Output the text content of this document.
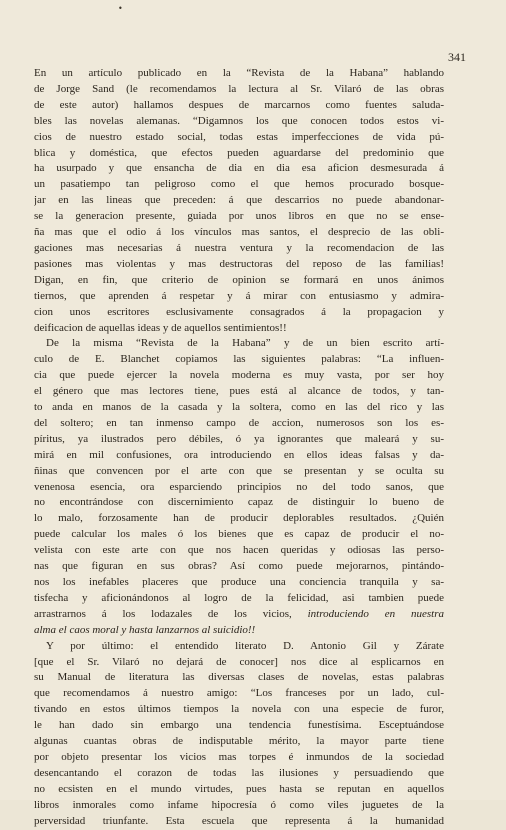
•
341
En un artículo publicado en la “Revista de la Habana” hablando
de Jorge Sand (le recomendamos la lectura al Sr. Vilaró de las obras
de este autor) hallamos despues de marcarnos como fuentes saluda-
bles las novelas alemanas. “Digamnos los que conocen todos estos vi-
cios de nuestro estado social, todas estas imperfecciones de vida pú-
blica y doméstica, que efectos pueden aguardarse del predominio que
ha usurpado y que ensancha de dia en dia esa aficion desmesurada á
un pasatiempo tan peligroso como el que hemos procurado bosque-
jar en las lineas que preceden: á que descarrios no puede abandonar-
se la generacion presente, guiada por unos libros en que no se ense-
ña mas que el odio á los vínculos mas santos, el desprecio de las obli-
gaciones mas necesarias á nuestra ventura y la recomendacion de las
pasiones mas violentas y mas destructoras del reposo de las familias!
Digan, en fin, que criterio de opinion se formará en unos ánimos
tiernos, que aprenden á respetar y á mirar con entusiasmo y admira-
cion unos escritores esclusivamente consagrados á la propagacion y
deificacion de aquellas ideas y de aquellos sentimientos!!
De la misma “Revista de la Habana” y de un bien escrito artí-
culo de E. Blanchet copiamos las siguientes palabras: “La influen-
cia que puede ejercer la novela moderna es muy vasta, por ser hoy
el género que mas lectores tiene, pues está al alcance de todos, y tan-
to anda en manos de la casada y la soltera, como en las del rico y las
del soltero; en tan inmenso campo de accion, numerosos son los es-
píritus, ya ilustrados pero débiles, ó ya ignorantes que maleará y su-
mirá en mil confusiones, ora introduciendo en ellos ideas falsas y da-
ñinas que convencen por el arte con que se presentan y se oculta su
venenosa esencia, ora esparciendo principios no del todo sanos, que
no encontrándose con discernimiento capaz de distinguir lo bueno de
lo malo, forzosamente han de producir deplorables resultados. ¿Quién
puede calcular los males ó los bienes que es capaz de producir el no-
velista con este arte con que nos hacen queridas y odiosas las perso-
nas que figuran en sus obras? Así como puede mejorarnos, pintándo-
nos los inefables placeres que produce una conciencia tranquila y sa-
tisfecha y aficionándonos al logro de la felicidad, asi tambien puede
arrastrarnos á los lodazales de los vicios, introduciendo en nuestra
alma el caos moral y hasta lanzarnos al suicidio!!
Y por último: el entendido literato D. Antonio Gil y Zárate
[que el Sr. Vilaró no dejará de conocer] nos dice al esplicarnos en
su Manual de literatura las diversas clases de novelas, estas palabras
que recomendamos á nuestro amigo: “Los franceses por un lado, cul-
tivando en estos últimos tiempos la novela con una especie de furor,
le han dado sin embargo una tendencia funestísima. Esceptuándose
algunas cuantas obras de indisputable mérito, la mayor parte tiene
por objeto presentar los vicios mas torpes é inmundos de la sociedad
desencantando el corazon de todas las ilusiones y persuadiendo que
no ecsisten en el mundo virtudes, pues hasta se reputan en aquellos
libros inmorales como infame hipocresía ó como viles juguetes de la
perversidad triunfante. Esta escuela que representa á la humanidad
